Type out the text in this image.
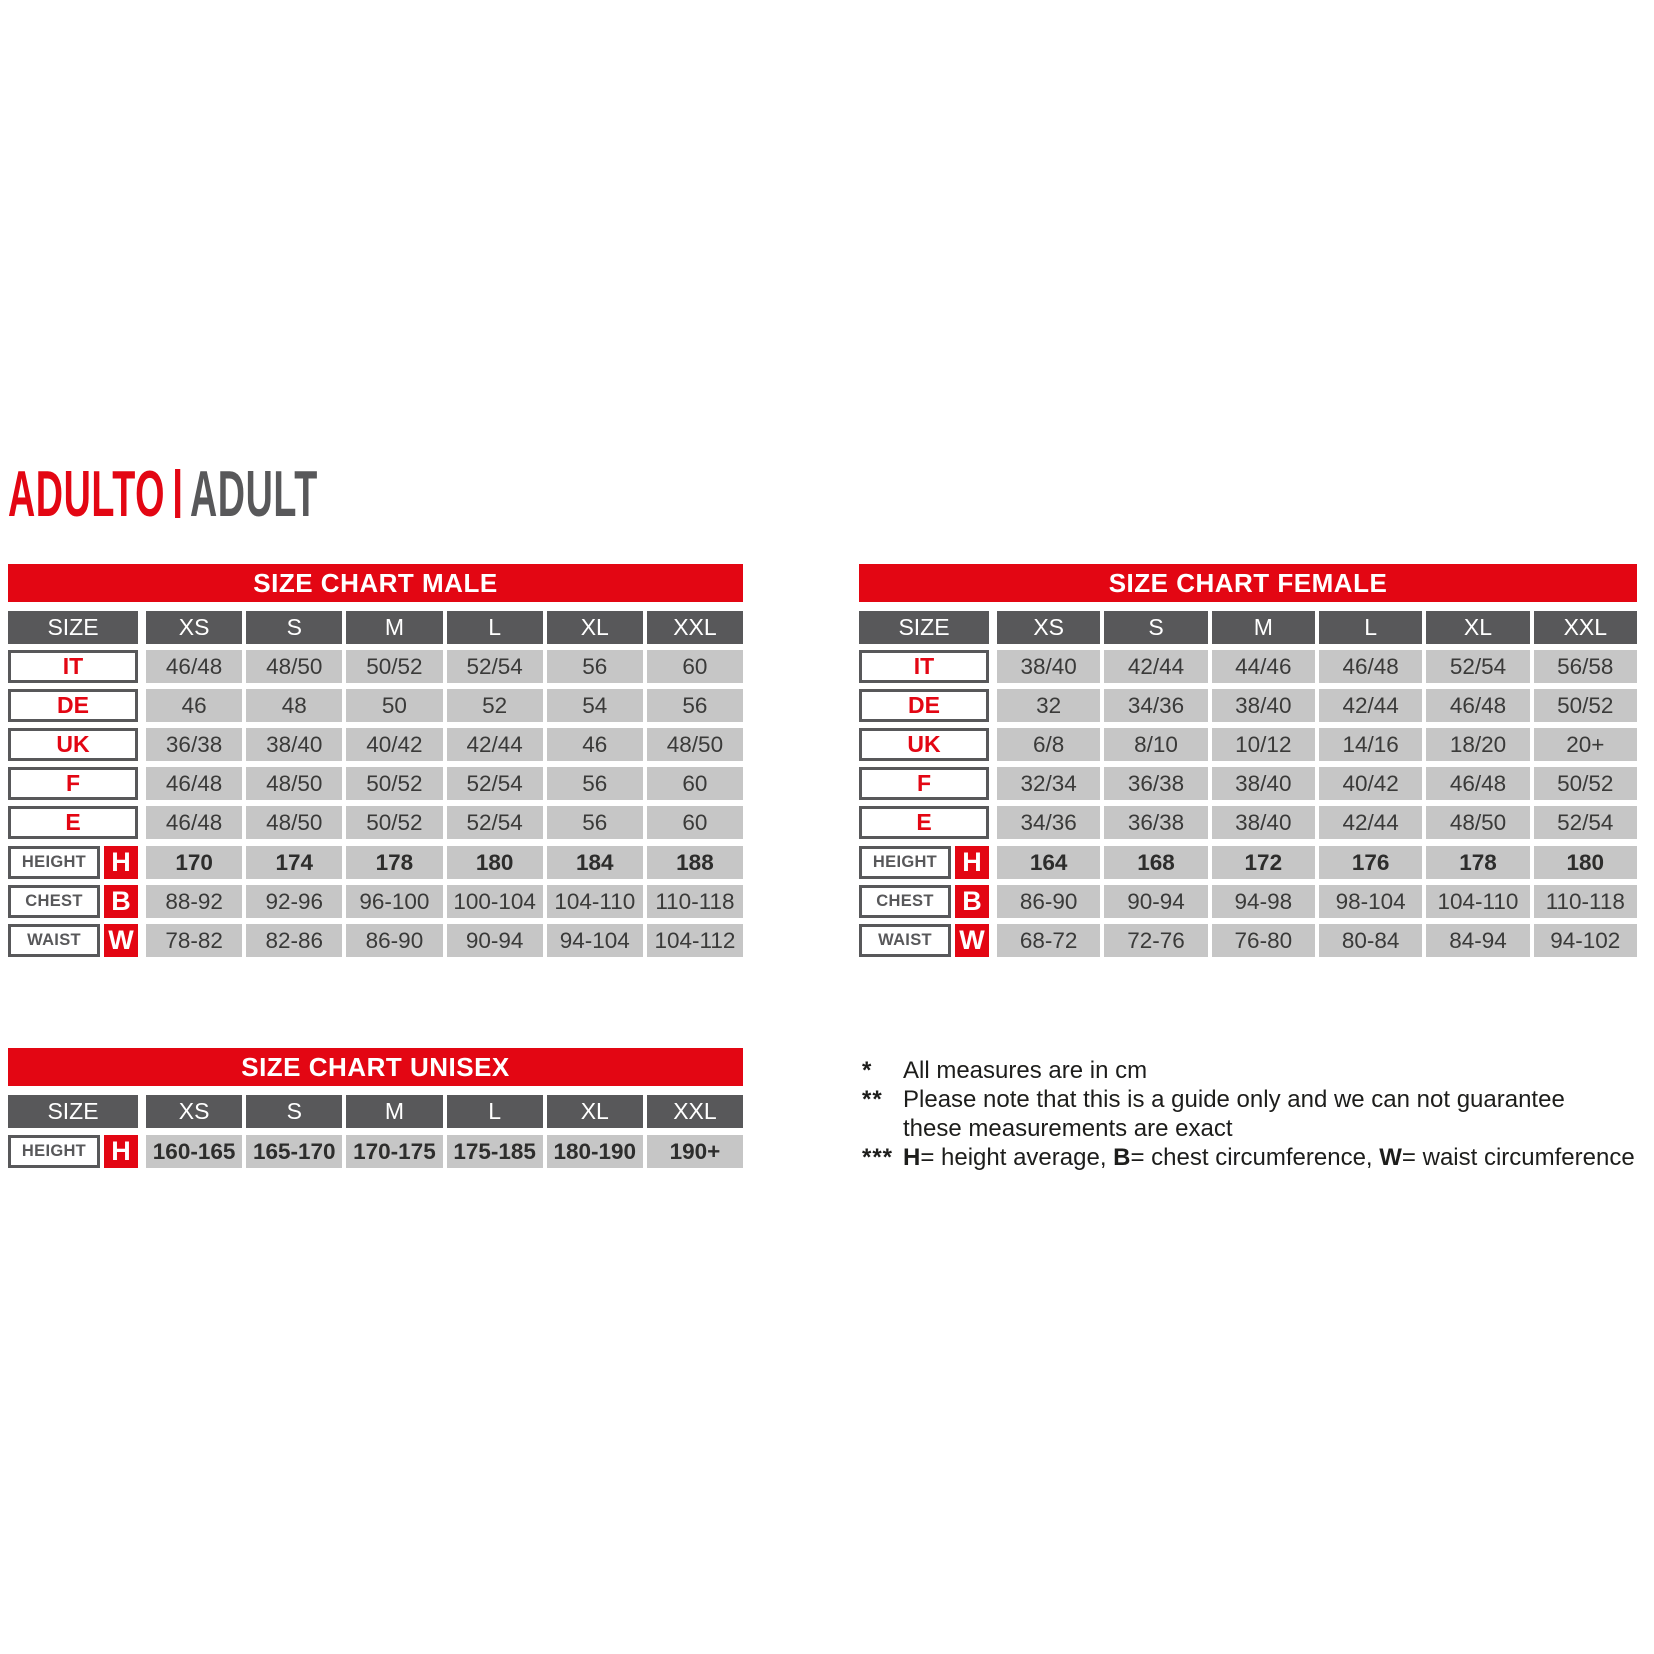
ADULTO ADULT
SIZE CHART MALE
SIZE	XS	S	M	L	XL	XXL
IT	46/48	48/50	50/52	52/54	56	60
DE	46	48	50	52	54	56
UK	36/38	38/40	40/42	42/44	46	48/50
F	46/48	48/50	50/52	52/54	56	60
E	46/48	48/50	50/52	52/54	56	60
HEIGHT H	170	174	178	180	184	188
CHEST	B	88-92	92-96	96-100	100-104 104-110 110-118
WAIST	W	78-82	82-86	86-90	90-94	94-104	104-112
SIZE CHART FEMALE
SIZE	XS	S	M	L	XL	XXL
IT	38/40	42/44	44/46	46/48	52/54	56/58
DE	32	34/36	38/40	42/44	46/48	50/52
UK	6/8	8/10	10/12	14/16	18/20	20+
F	32/34	36/38	38/40	40/42	46/48	50/52
E	34/36	36/38	38/40	42/44	48/50	52/54
HEIGHT H	164	168	172	176	178	180
CHEST	B	86-90	90-94	94-98	98-104	104-110	110-118
WAIST	W	68-72	72-76	76-80	80-84	84-94	94-102
SIZE CHART UNISEX
SIZE	XS	S	M	L	XL	XXL
HEIGHT H 160-165 165-170 170-175 175-185 180-190	190+
*	All measures are in cm
** Please note that this is a guide only and we can not guarantee
these measurements are exact
*** H= height average, B= chest circumference, W= waist circumference
